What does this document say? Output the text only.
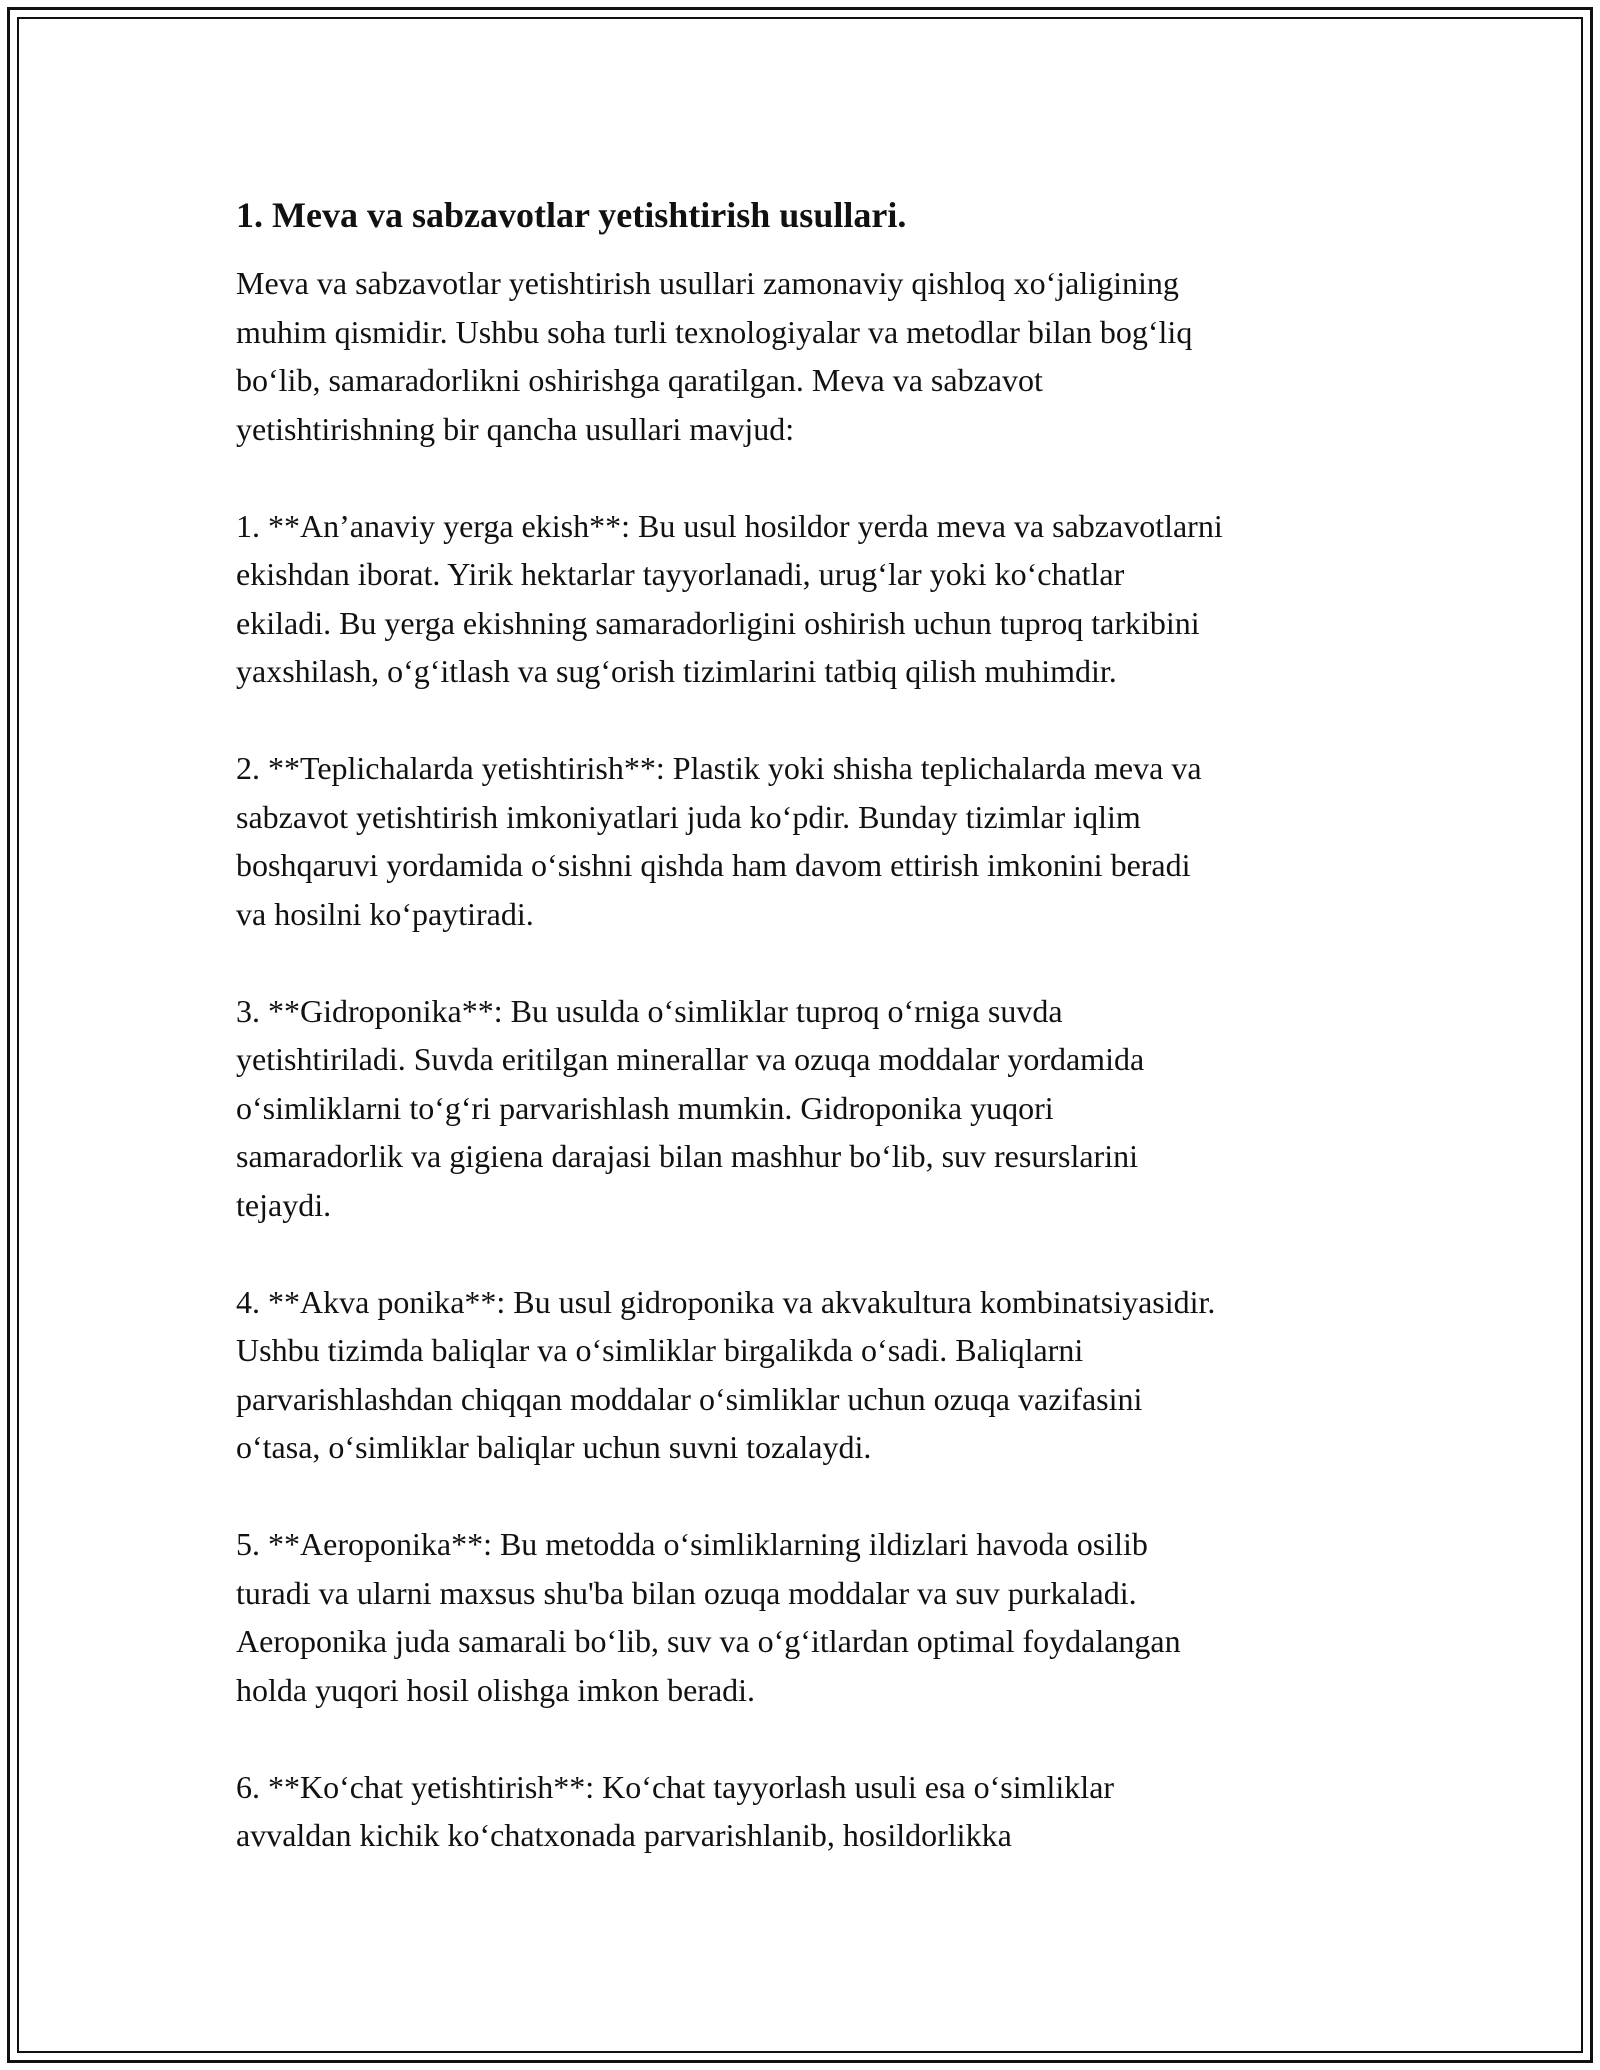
1. Meva va sabzavotlar yetishtirish usullari.

Meva va sabzavotlar yetishtirish usullari zamonaviy qishloq xo‘jaligining
muhim qismidir. Ushbu soha turli texnologiyalar va metodlar bilan bog‘liq
bo‘lib, samaradorlikni oshirishga qaratilgan. Meva va sabzavot
yetishtirishning bir qancha usullari mavjud:

1. **An’anaviy yerga ekish**: Bu usul hosildor yerda meva va sabzavotlarni
ekishdan iborat. Yirik hektarlar tayyorlanadi, urug‘lar yoki ko‘chatlar
ekiladi. Bu yerga ekishning samaradorligini oshirish uchun tuproq tarkibini
yaxshilash, o‘g‘itlash va sug‘orish tizimlarini tatbiq qilish muhimdir.

2. **Teplichalarda yetishtirish**: Plastik yoki shisha teplichalarda meva va
sabzavot yetishtirish imkoniyatlari juda ko‘pdir. Bunday tizimlar iqlim
boshqaruvi yordamida o‘sishni qishda ham davom ettirish imkonini beradi
va hosilni ko‘paytiradi.

3. **Gidroponika**: Bu usulda o‘simliklar tuproq o‘rniga suvda
yetishtiriladi. Suvda eritilgan minerallar va ozuqa moddalar yordamida
o‘simliklarni to‘g‘ri parvarishlash mumkin. Gidroponika yuqori
samaradorlik va gigiena darajasi bilan mashhur bo‘lib, suv resurslarini
tejaydi.

4. **Akva ponika**: Bu usul gidroponika va akvakultura kombinatsiyasidir.
Ushbu tizimda baliqlar va o‘simliklar birgalikda o‘sadi. Baliqlarni
parvarishlashdan chiqqan moddalar o‘simliklar uchun ozuqa vazifasini
o‘tasa, o‘simliklar baliqlar uchun suvni tozalaydi.

5. **Aeroponika**: Bu metodda o‘simliklarning ildizlari havoda osilib
turadi va ularni maxsus shu'ba bilan ozuqa moddalar va suv purkaladi.
Aeroponika juda samarali bo‘lib, suv va o‘g‘itlardan optimal foydalangan
holda yuqori hosil olishga imkon beradi.

6. **Ko‘chat yetishtirish**: Ko‘chat tayyorlash usuli esa o‘simliklar
avvaldan kichik ko‘chatxonada parvarishlanib, hosildorlikka
